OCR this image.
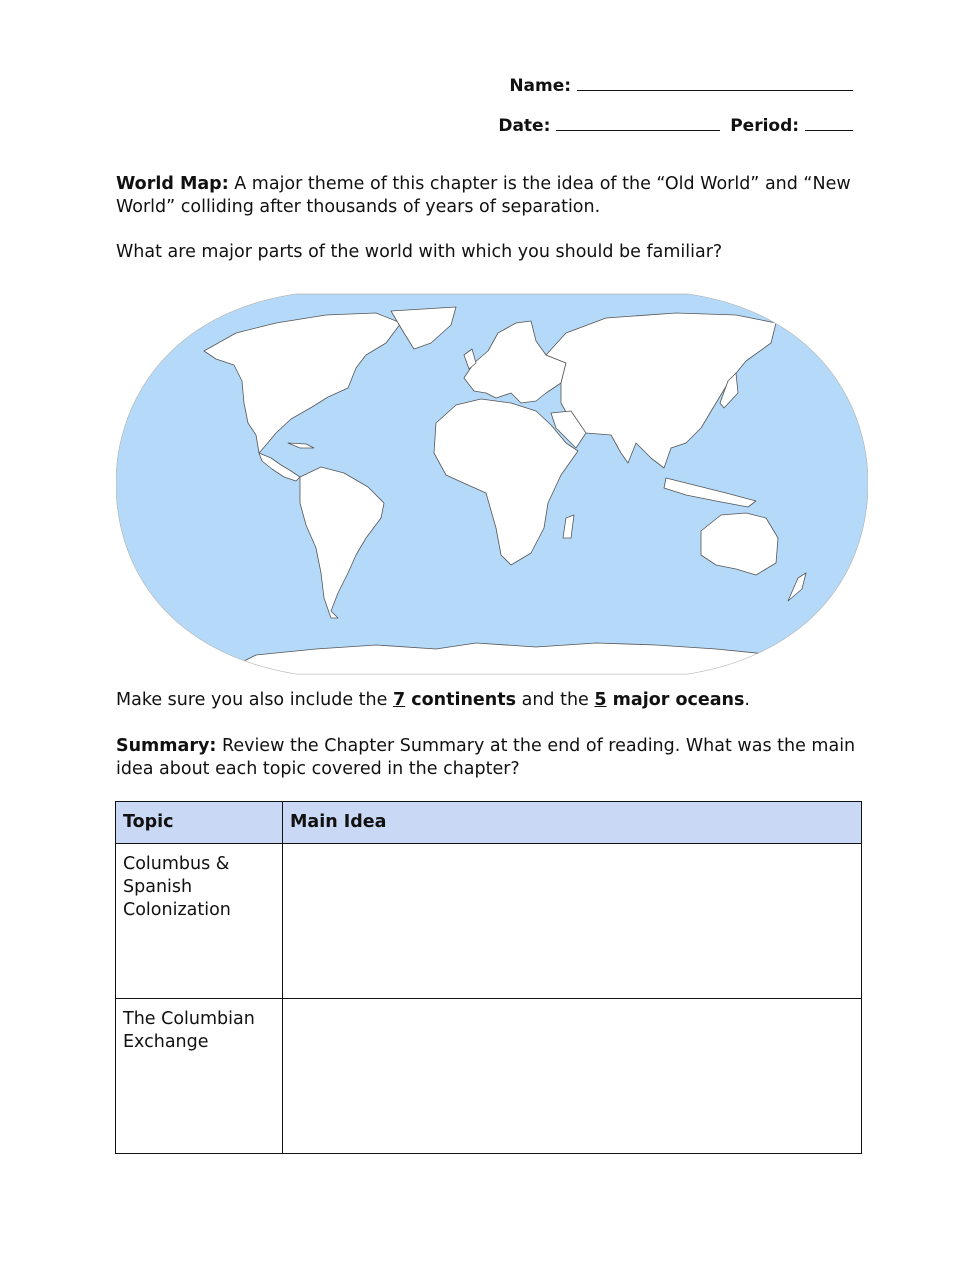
Name:
Date:	Period:
World Map: A major theme of this chapter is the idea of the “Old World” and “New World” colliding after thousands of years of separation.
What are major parts of the world with which you should be familiar?
Make sure you also include the 7 continents and the 5 major oceans.
Summary: Review the Chapter Summary at the end of reading. What was the main idea about each topic covered in the chapter?
Topic	Main Idea
Columbus & Spanish Colonization	
The Columbian Exchange	
